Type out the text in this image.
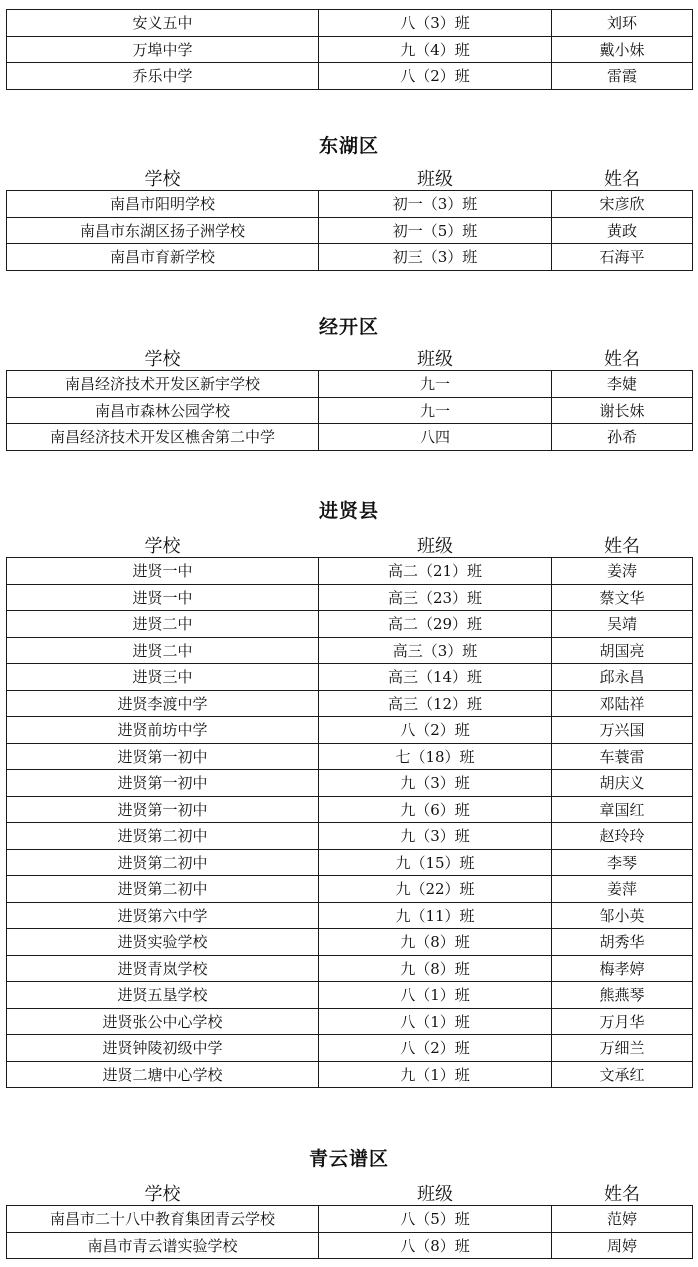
安义五中	八（3）班	刘环
万埠中学	九（4）班	戴小妹
乔乐中学	八（2）班	雷霞
东湖区
学校	班级	姓名
南昌市阳明学校	初一（3）班	宋彦欣
南昌市东湖区扬子洲学校	初一（5）班	黄政
南昌市育新学校	初三（3）班	石海平
经开区
学校	班级	姓名
南昌经济技术开发区新宇学校	九一	李婕
南昌市森林公园学校	九一	谢长妹
南昌经济技术开发区樵舍第二中学	八四	孙希
进贤县
学校	班级	姓名
进贤一中	高二（21）班	姜涛
进贤一中	高三（23）班	蔡文华
进贤二中	高二（29）班	吴靖
进贤二中	高三（3）班	胡国亮
进贤三中	高三（14）班	邱永昌
进贤李渡中学	高三（12）班	邓陆祥
进贤前坊中学	八（2）班	万兴国
进贤第一初中	七（18）班	车蓑雷
进贤第一初中	九（3）班	胡庆义
进贤第一初中	九（6）班	章国红
进贤第二初中	九（3）班	赵玲玲
进贤第二初中	九（15）班	李琴
进贤第二初中	九（22）班	姜萍
进贤第六中学	九（11）班	邹小英
进贤实验学校	九（8）班	胡秀华
进贤青岚学校	九（8）班	梅孝婷
进贤五垦学校	八（1）班	熊燕琴
进贤张公中心学校	八（1）班	万月华
进贤钟陵初级中学	八（2）班	万细兰
进贤二塘中心学校	九（1）班	文承红
青云谱区
学校	班级	姓名
南昌市二十八中教育集团青云学校	八（5）班	范婷
南昌市青云谱实验学校	八（8）班	周婷
